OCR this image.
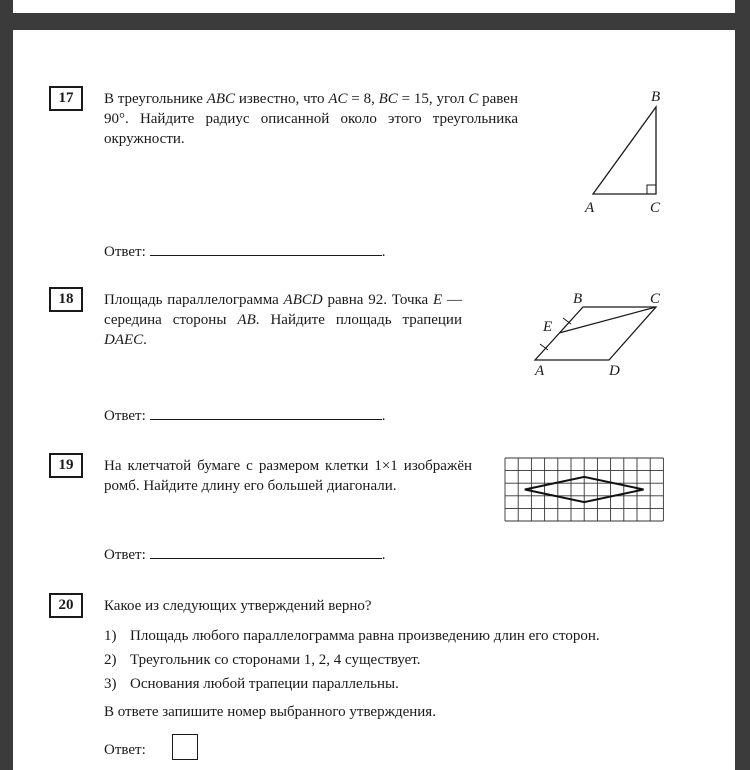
17	В треугольнике ABC известно, что AC = 8, BC = 15, угол C равен 90°. Найдите радиус описанной около этого треугольника окружности.
B
A	C
Ответ:	.
18	Площадь параллелограмма ABCD равна 92. Точка E — середина стороны AB. Найдите площадь трапеции DAEC.
B	C
E
A	D
Ответ:	.
19	На клетчатой бумаге с размером клетки 1×1 изображён ромб. Найдите длину его большей диагонали.
Ответ:	.
20	Какое из следующих утверждений верно?
1) Площадь любого параллелограмма равна произведению длин его сторон.
2) Треугольник со сторонами 1, 2, 4 существует.
3) Основания любой трапеции параллельны.
В ответе запишите номер выбранного утверждения.
Ответ:
